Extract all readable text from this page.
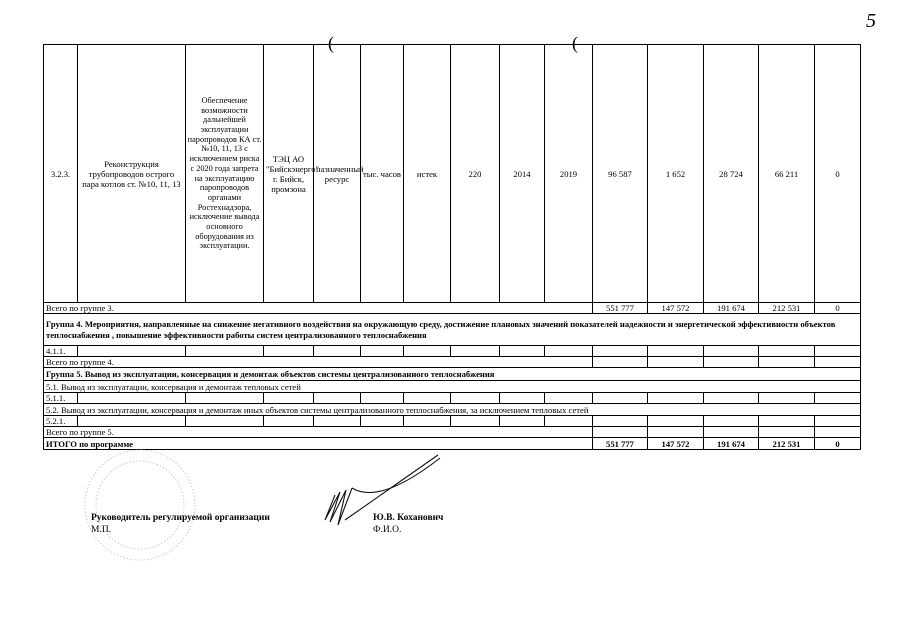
5
(	(
3.2.3.	Реконструкция трубопроводов острого пара котлов ст. №10, 11, 13	Обеспечение возможности дальнейшей эксплуатации паропроводов КА ст. №10, 11, 13 с исключением риска с 2020 года запрета на эксплуатацию паропроводов органами Ростехнадзора, исключение вывода основного оборудования из эксплуатации.	ТЭЦ АО "Бийскэнерго" г. Бийск, промзона	назначенный ресурс	тыс. часов	истек	220	2014	2019	96 587	1 652	28 724	66 211	0
Всего по группе 3.										551 777	147 572	191 674	212 531	0
Группа 4. Мероприятия, направленные на снижение негативного воздействия на окружающую среду, достижение плановых значений показателей надежности и энергетической эффективности объектов теплоснабжения , повышение эффективности работы систем централизованного теплоснабжения														
4.1.1.														
Всего по группе 4.														
Группа 5. Вывод из эксплуатации, консервация и демонтаж объектов системы централизованного теплоснабжения														
5.1. Вывод из эксплуатации, консервация и демонтаж тепловых сетей														
5.1.1.														
5.2. Вывод из эксплуатации, консервация и демонтаж иных объектов системы централизованного теплоснабжения, за исключением тепловых сетей														
5.2.1.														
Всего по группе 5.														
ИТОГО по программе										551 777	147 572	191 674	212 531	0
Руководитель регулируемой организации
М.П.
Ю.В. Кохановнч
Ф.И.О.
